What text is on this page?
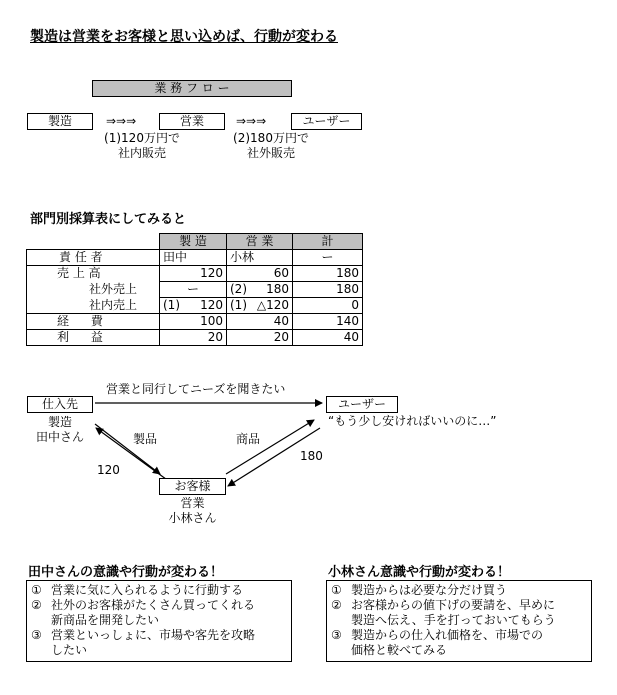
製造は営業をお客様と思い込めば、行動が変わる
業 務 フ ロ ー
製造	⇒⇒⇒	営業	⇒⇒⇒	ユーザー
(1)120万円で
社内販売
(2)180万円で
社外販売
部門別採算表にしてみると
	製 造	営 業	計
責 任 者	田中	小林	ー
売 上 高	120	60	180
社外売上	ー	(2) 180	180
社内売上	(1) 120	(1) △120	0
経 費	100	40	140
利 益	20	20	40
仕入先
製造
田中さん
営業と同行してニーズを聞きたい
ユーザー
“もう少し安ければいいのに…”
製品	商品
120
180
お客様
営業
小林さん
田中さんの意識や行動が変わる！
① 営業に気に入られるように行動する
② 社外のお客様がたくさん買ってくれる
新商品を開発したい
③ 営業といっしょに、市場や客先を攻略
したい
小林さん意識や行動が変わる！
① 製造からは必要な分だけ買う
② お客様からの値下げの要請を、早めに
製造へ伝え、手を打っておいてもらう
③ 製造からの仕入れ価格を、市場での
価格と較べてみる
